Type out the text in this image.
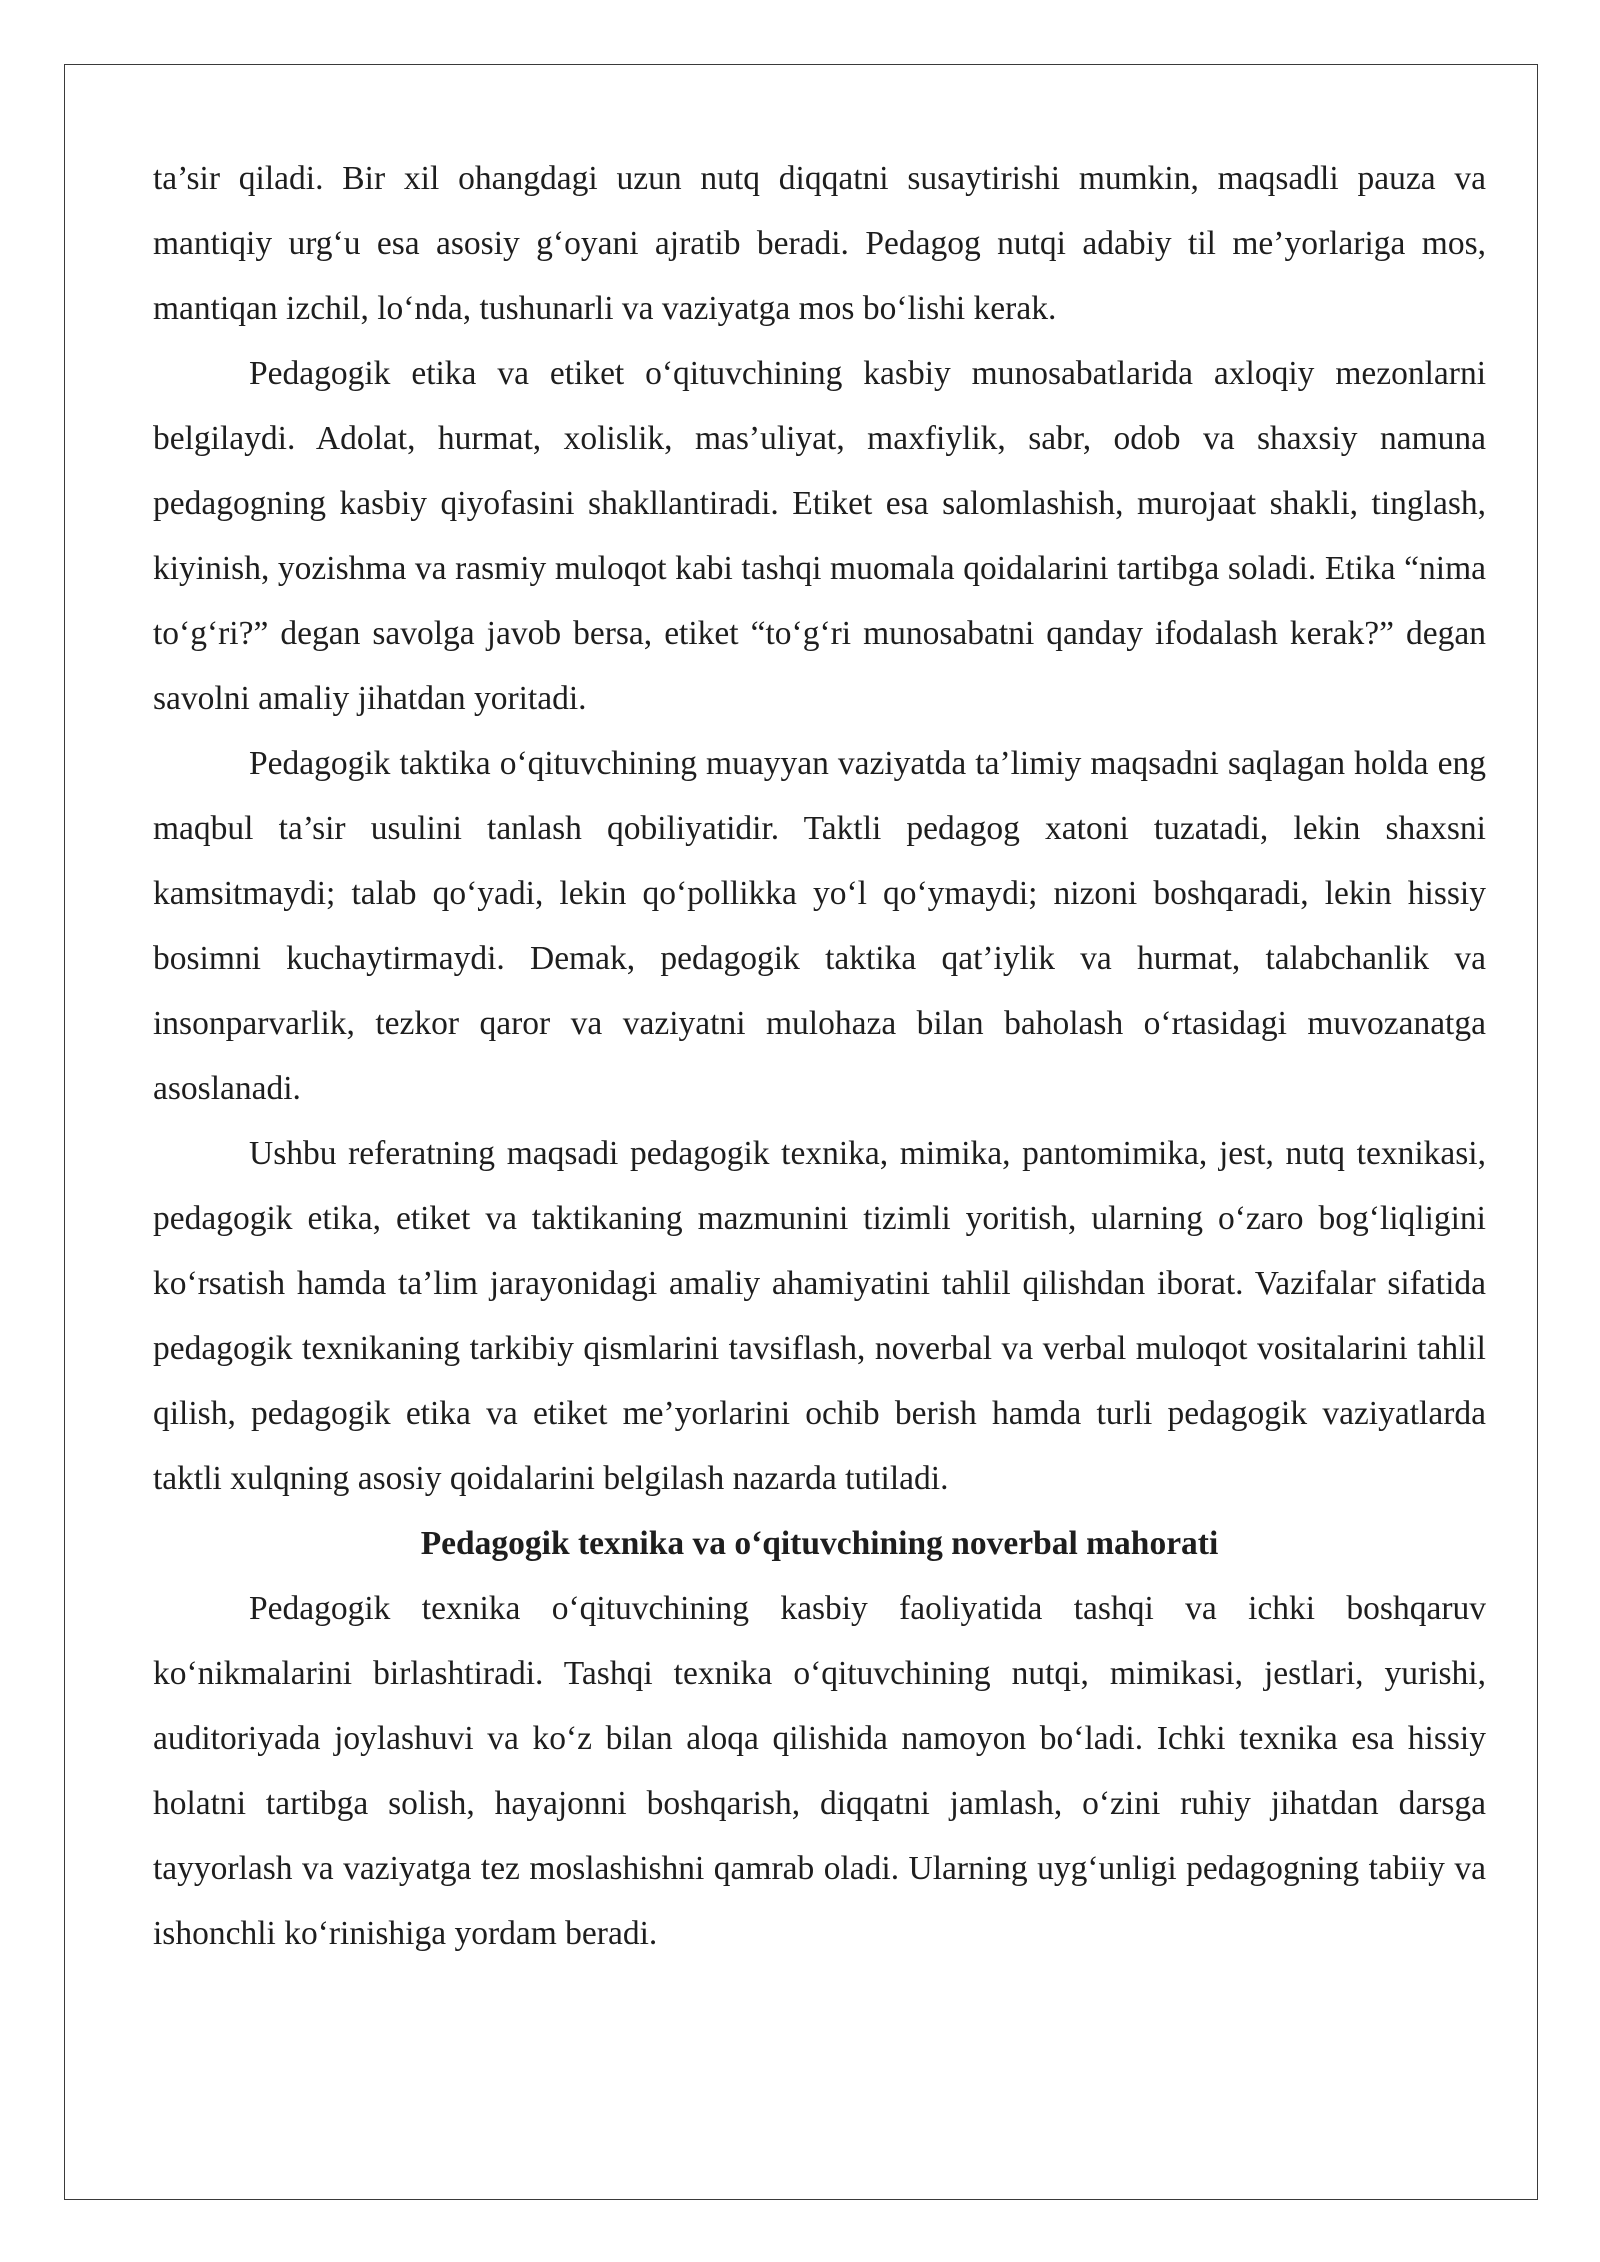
ta’sir qiladi. Bir xil ohangdagi uzun nutq diqqatni susaytirishi mumkin, maqsadli pauza va mantiqiy urg‘u esa asosiy g‘oyani ajratib beradi. Pedagog nutqi adabiy til me’yorlariga mos, mantiqan izchil, lo‘nda, tushunarli va vaziyatga mos bo‘lishi kerak.

Pedagogik etika va etiket o‘qituvchining kasbiy munosabatlarida axloqiy mezonlarni belgilaydi. Adolat, hurmat, xolislik, mas’uliyat, maxfiylik, sabr, odob va shaxsiy namuna pedagogning kasbiy qiyofasini shakllantiradi. Etiket esa salomlashish, murojaat shakli, tinglash, kiyinish, yozishma va rasmiy muloqot kabi tashqi muomala qoidalarini tartibga soladi. Etika “nima to‘g‘ri?” degan savolga javob bersa, etiket “to‘g‘ri munosabatni qanday ifodalash kerak?” degan savolni amaliy jihatdan yoritadi.

Pedagogik taktika o‘qituvchining muayyan vaziyatda ta’limiy maqsadni saqlagan holda eng maqbul ta’sir usulini tanlash qobiliyatidir. Taktli pedagog xatoni tuzatadi, lekin shaxsni kamsitmaydi; talab qo‘yadi, lekin qo‘pollikka yo‘l qo‘ymaydi; nizoni boshqaradi, lekin hissiy bosimni kuchaytirmaydi. Demak, pedagogik taktika qat’iylik va hurmat, talabchanlik va insonparvarlik, tezkor qaror va vaziyatni mulohaza bilan baholash o‘rtasidagi muvozanatga asoslanadi.

Ushbu referatning maqsadi pedagogik texnika, mimika, pantomimika, jest, nutq texnikasi, pedagogik etika, etiket va taktikaning mazmunini tizimli yoritish, ularning o‘zaro bog‘liqligini ko‘rsatish hamda ta’lim jarayonidagi amaliy ahamiyatini tahlil qilishdan iborat. Vazifalar sifatida pedagogik texnikaning tarkibiy qismlarini tavsiflash, noverbal va verbal muloqot vositalarini tahlil qilish, pedagogik etika va etiket me’yorlarini ochib berish hamda turli pedagogik vaziyatlarda taktli xulqning asosiy qoidalarini belgilash nazarda tutiladi.

Pedagogik texnika va o‘qituvchining noverbal mahorati

Pedagogik texnika o‘qituvchining kasbiy faoliyatida tashqi va ichki boshqaruv ko‘nikmalarini birlashtiradi. Tashqi texnika o‘qituvchining nutqi, mimikasi, jestlari, yurishi, auditoriyada joylashuvi va ko‘z bilan aloqa qilishida namoyon bo‘ladi. Ichki texnika esa hissiy holatni tartibga solish, hayajonni boshqarish, diqqatni jamlash, o‘zini ruhiy jihatdan darsga tayyorlash va vaziyatga tez moslashishni qamrab oladi. Ularning uyg‘unligi pedagogning tabiiy va ishonchli ko‘rinishiga yordam beradi.
